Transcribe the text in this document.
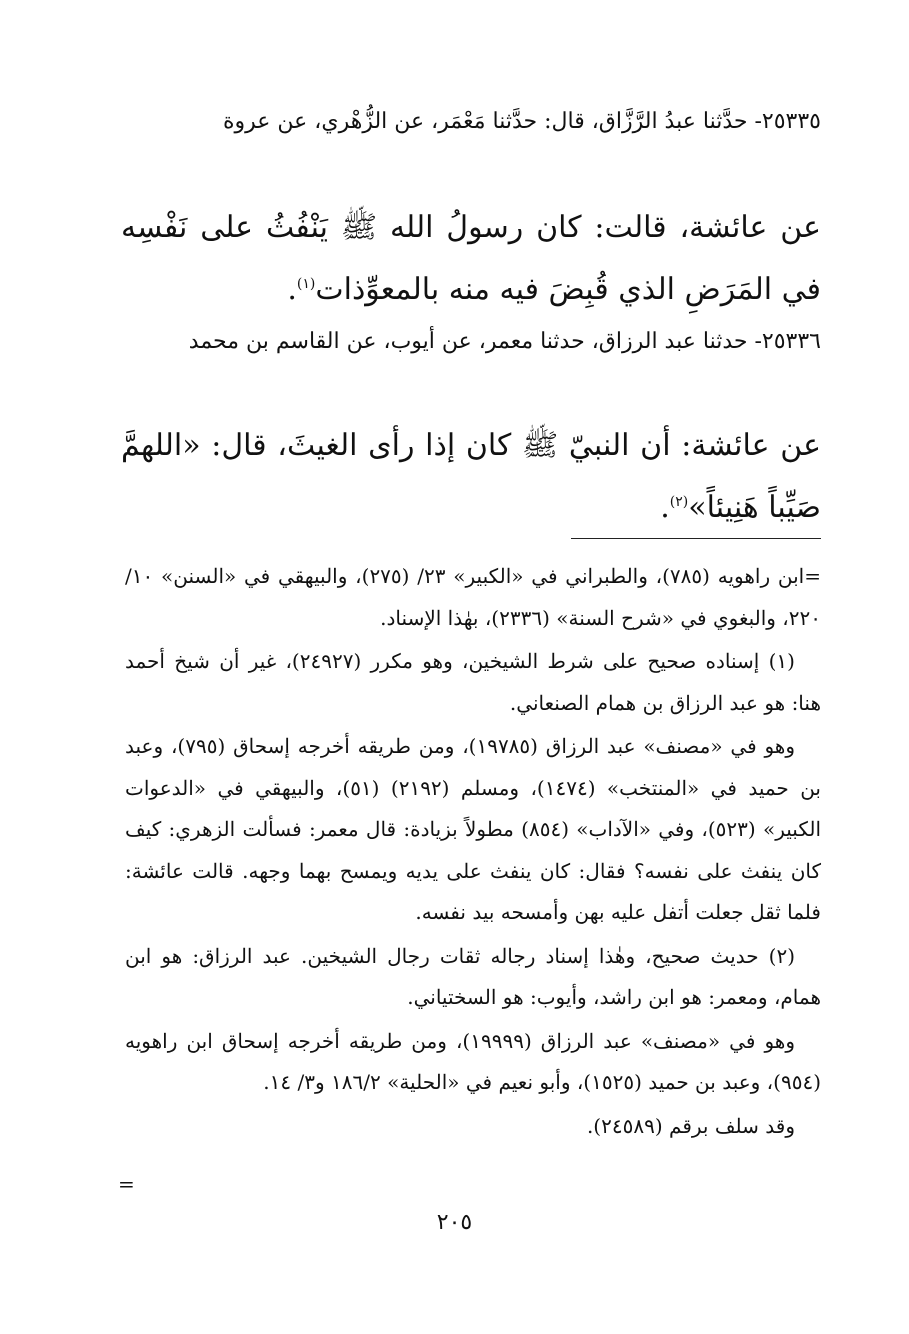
٢٥٣٣٥- حدَّثنا عبدُ الرَّزَّاق، قال: حدَّثنا مَعْمَر، عن الزُّهْري، عن عروة
عن عائشة، قالت: كان رسولُ الله ﷺ يَنْفُثُ على نَفْسِه في المَرَضِ الذي قُبِضَ فيه منه بالمعوِّذات$^{(١)}$.
٢٥٣٣٦- حدثنا عبد الرزاق، حدثنا معمر، عن أيوب، عن القاسم بن محمد
عن عائشة: أن النبيّ ﷺ كان إذا رأى الغيثَ، قال: «اللهمَّ صَيِّباً هَنِيئاً»$^{(٢)}$.

=ابن راهويه (٧٨٥)، والطبراني في «الكبير» ٢٣/ (٢٧٥)، والبيهقي في «السنن» ١٠/ ٢٢٠، والبغوي في «شرح السنة» (٢٣٣٦)، بهٰذا الإسناد.

(١) إسناده صحيح على شرط الشيخين، وهو مكرر (٢٤٩٢٧)، غير أن شيخ أحمد هنا: هو عبد الرزاق بن همام الصنعاني.

وهو في «مصنف» عبد الرزاق (١٩٧٨٥)، ومن طريقه أخرجه إسحاق (٧٩٥)، وعبد بن حميد في «المنتخب» (١٤٧٤)، ومسلم (٢١٩٢) (٥١)، والبيهقي في «الدعوات الكبير» (٥٢٣)، وفي «الآداب» (٨٥٤) مطولاً بزيادة: قال معمر: فسألت الزهري: كيف كان ينفث على نفسه؟ فقال: كان ينفث على يديه ويمسح بهما وجهه. قالت عائشة: فلما ثقل جعلت أتفل عليه بهن وأمسحه بيد نفسه.

(٢) حديث صحيح، وهٰذا إسناد رجاله ثقات رجال الشيخين. عبد الرزاق: هو ابن همام، ومعمر: هو ابن راشد، وأيوب: هو السختياني.

وهو في «مصنف» عبد الرزاق (١٩٩٩٩)، ومن طريقه أخرجه إسحاق ابن راهويه (٩٥٤)، وعبد بن حميد (١٥٢٥)، وأبو نعيم في «الحلية» ١٨٦/٢ و٣/ ١٤.

وقد سلف برقم (٢٤٥٨٩).

=
٢٠٥
